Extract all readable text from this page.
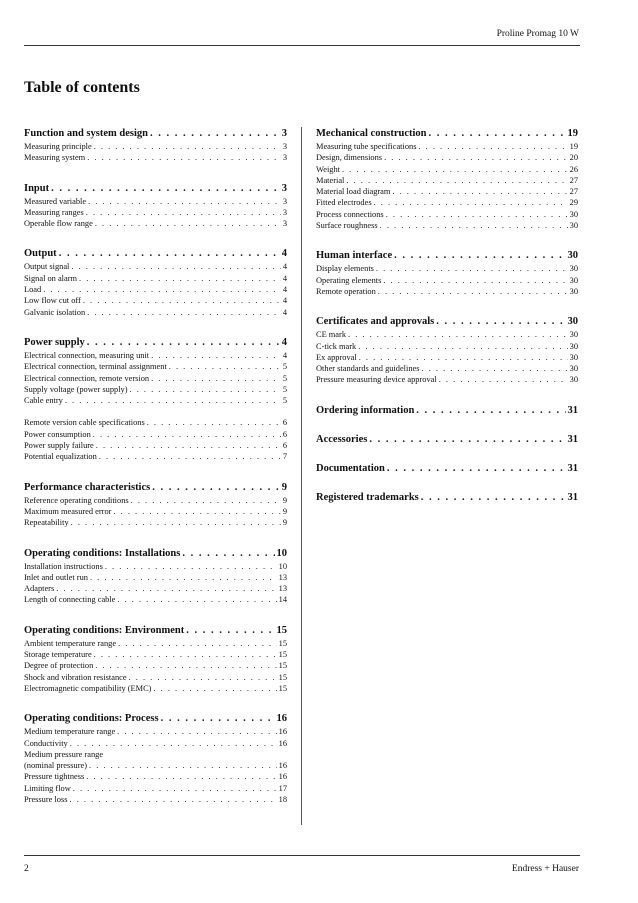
Proline Promag 10 W
Table of contents
Function and system design . . .	3
Measuring principle . . .	3
Measuring system . . .	3
Input . . .	3
Measured variable . . .	3
Measuring ranges . . .	3
Operable flow range . . .	3
Output . . .	4
Output signal . . .	4
Signal on alarm . . .	4
Load . . .	4
Low flow cut off . . .	4
Galvanic isolation . . .	4
Power supply . . .	4
Electrical connection, measuring unit . . .	4
Electrical connection, terminal assignment . . .	5
Electrical connection, remote version . . .	5
Supply voltage (power supply) . . .	5
Cable entry . . .	5
Remote version cable specifications . . .	6
Power consumption . . .	6
Power supply failure . . .	6
Potential equalization . . .	7
Performance characteristics . . .	9
Reference operating conditions . . .	9
Maximum measured error . . .	9
Repeatability . . .	9
Operating conditions: Installations . . .	10
Installation instructions . . .	10
Inlet and outlet run . . .	13
Adapters . . .	13
Length of connecting cable . . .	14
Operating conditions: Environment . . .	15
Ambient temperature range . . .	15
Storage temperature . . .	15
Degree of protection . . .	15
Shock and vibration resistance . . .	15
Electromagnetic compatibility (EMC) . . .	15
Operating conditions: Process . . .	16
Medium temperature range . . .	16
Conductivity . . .	16
Medium pressure range
(nominal pressure) . . .	16
Pressure tightness . . .	16
Limiting flow . . .	17
Pressure loss . . .	18
Mechanical construction . . .	19
Measuring tube specifications . . .	19
Design, dimensions . . .	20
Weight . . .	26
Material . . .	27
Material load diagram . . .	27
Fitted electrodes . . .	29
Process connections . . .	30
Surface roughness . . .	30
Human interface . . .	30
Display elements . . .	30
Operating elements . . .	30
Remote operation . . .	30
Certificates and approvals . . .	30
CE mark . . .	30
C-tick mark . . .	30
Ex approval . . .	30
Other standards and guidelines . . .	30
Pressure measuring device approval . . .	30
Ordering information . . .	31
Accessories . . .	31
Documentation . . .	31
Registered trademarks . . .	31
2	Endress + Hauser
